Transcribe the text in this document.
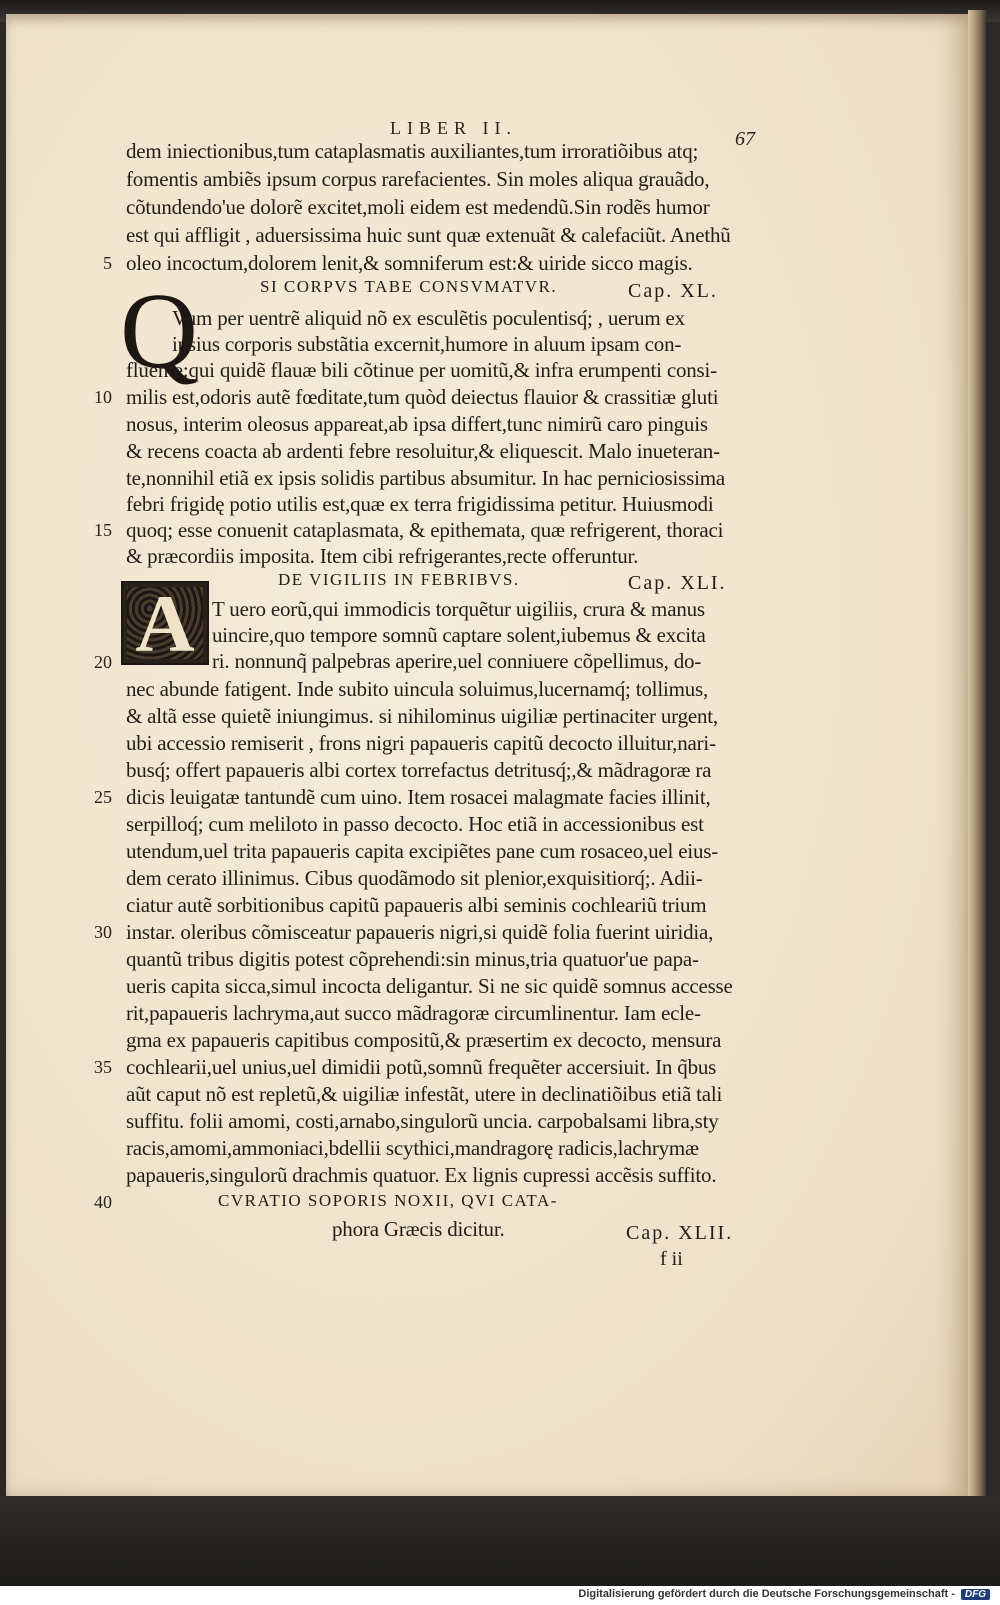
LIBER II.	67
dem iniectionibus,tum cataplasmatis auxiliantes,tum irroratiõibus atq;
fomentis ambiẽs ipsum corpus rarefacientes. Sin moles aliqua grauãdo,
cõtundendo'ue dolorẽ excitet,moli eidem est medendũ.Sin rodẽs humor
est qui affligit , aduersissima huic sunt quæ extenuãt & calefaciũt. Anethũ
oleo incoctum,dolorem lenit,& somniferum est:& uiride sicco magis.
SI CORPVS TABE CONSVMATVR.	Cap. XL.
Q
Vum per uentrẽ aliquid nõ ex esculẽtis poculentisq́; , uerum ex
ipsius corporis substãtia excernit,humore in aluum ipsam con-
fluente:qui quidẽ flauæ bili cõtinue per uomitũ,& infra erumpenti consi-
milis est,odoris autẽ fœditate,tum quòd deiectus flauior & crassitiæ gluti
nosus, interim oleosus appareat,ab ipsa differt,tunc nimirũ caro pinguis
& recens coacta ab ardenti febre resoluitur,& eliquescit. Malo inueteran-
te,nonnihil etiã ex ipsis solidis partibus absumitur. In hac perniciosissima
febri frigidę potio utilis est,quæ ex terra frigidissima petitur. Huiusmodi
quoq; esse conuenit cataplasmata, & epithemata, quæ refrigerent, thoraci
& præcordiis imposita. Item cibi refrigerantes,recte offeruntur.
DE VIGILIIS IN FEBRIBVS.	Cap. XLI.
A T uero eorũ,qui immodicis torquẽtur uigiliis, crura & manus
uincire,quo tempore somnũ captare solent,iubemus & excita
ri. nonnunq̃ palpebras aperire,uel conniuere cõpellimus, do-
nec abunde fatigent. Inde subito uincula soluimus,lucernamq́; tollimus,
& altã esse quietẽ iniungimus. si nihilominus uigiliæ pertinaciter urgent,
ubi accessio remiserit , frons nigri papaueris capitũ decocto illuitur,nari-
busq́; offert papaueris albi cortex torrefactus detritusq́;,& mãdragoræ ra
dicis leuigatæ tantundẽ cum uino. Item rosacei malagmate facies illinit,
serpilloq́; cum meliloto in passo decocto. Hoc etiã in accessionibus est
utendum,uel trita papaueris capita excipiẽtes pane cum rosaceo,uel eius-
dem cerato illinimus. Cibus quodãmodo sit plenior,exquisitiorq́;. Adii-
ciatur autẽ sorbitionibus capitũ papaueris albi seminis cochleariũ trium
instar. oleribus cõmisceatur papaueris nigri,si quidẽ folia fuerint uiridia,
quantũ tribus digitis potest cõprehendi:sin minus,tria quatuor'ue papa-
ueris capita sicca,simul incocta deligantur. Si ne sic quidẽ somnus accesse
rit,papaueris lachryma,aut succo mãdragoræ circumlinentur. Iam ecle-
gma ex papaueris capitibus compositũ,& præsertim ex decocto, mensura
cochlearii,uel unius,uel dimidii potũ,somnũ frequẽter accersiuit. In q̃bus
aũt caput nõ est repletũ,& uigiliæ infestãt, utere in declinatiõibus etiã tali
suffitu. folii amomi, costi,arnabo,singulorũ uncia. carpobalsami libra,sty
racis,amomi,ammoniaci,bdellii scythici,mandragorę radicis,lachrymæ
papaueris,singulorũ drachmis quatuor. Ex lignis cupressi accẽsis suffito.
CVRATIO SOPORIS NOXII, QVI CATA-
phora Græcis dicitur.	Cap. XLII.
f ii
5
10
15
20
25
30
35
40
Digitalisierung gefördert durch die Deutsche Forschungsgemeinschaft - DFG
